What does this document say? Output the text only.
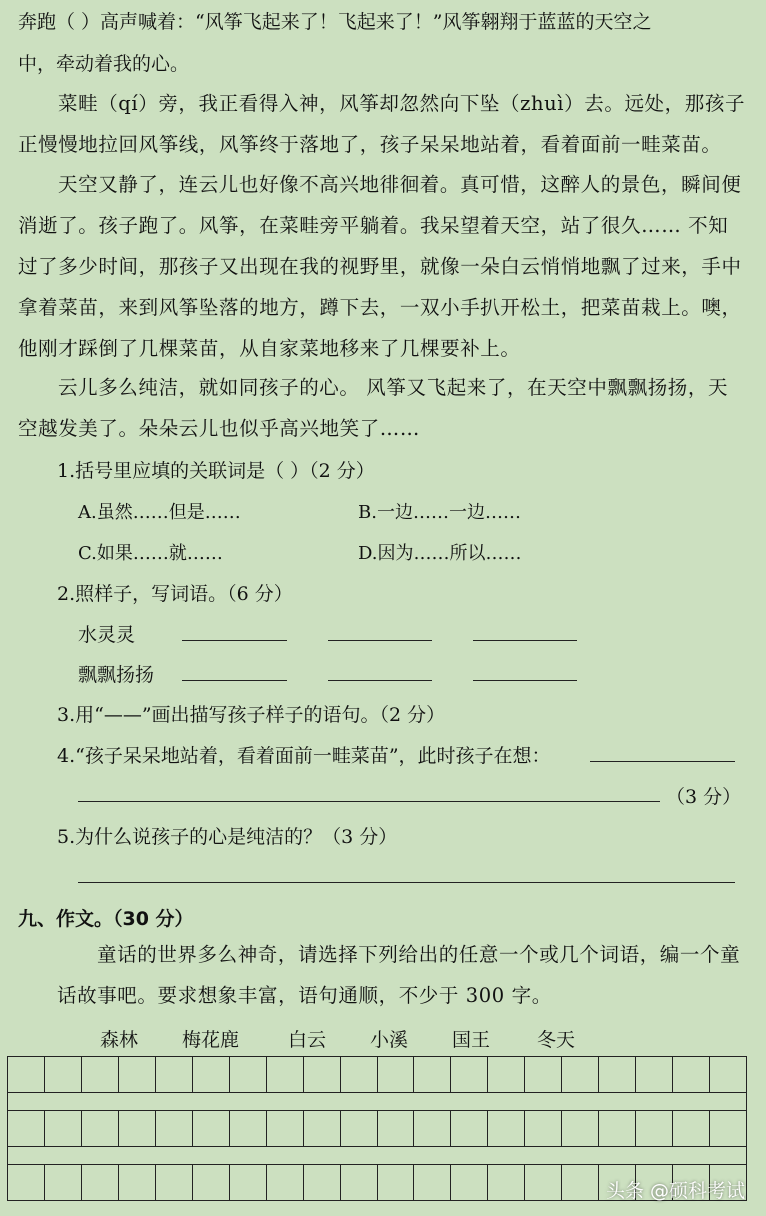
奔跑（ ）高声喊着：“风筝飞起来了！飞起来了！”风筝翱翔于蓝蓝的天空之
中，牵动着我的心。
菜畦（qí）旁，我正看得入神，风筝却忽然向下坠（zhuì）去。远处，那孩子正慢慢地拉回风筝线，风筝终于落地了，孩子呆呆地站着，看着面前一畦菜苗。
天空又静了，连云儿也好像不高兴地徘徊着。真可惜，这醉人的景色，瞬间便消逝了。孩子跑了。风筝，在菜畦旁平躺着。我呆望着天空，站了很久…… 不知过了多少时间，那孩子又出现在我的视野里，就像一朵白云悄悄地飘了过来，手中拿着菜苗，来到风筝坠落的地方，蹲下去，一双小手扒开松土，把菜苗栽上。噢，他刚才踩倒了几棵菜苗，从自家菜地移来了几棵要补上。
云儿多么纯洁，就如同孩子的心。 风筝又飞起来了，在天空中飘飘扬扬，天空越发美了。朵朵云儿也似乎高兴地笑了……
1.括号里应填的关联词是（ ）（2 分）
A.虽然……但是……	B.一边……一边……
C.如果……就……	D.因为……所以……
2.照样子，写词语。（6 分）
水灵灵
飘飘扬扬
3.用“——”画出描写孩子样子的语句。（2 分）
4.“孩子呆呆地站着，看着面前一畦菜苗”，此时孩子在想：
（3 分）
5.为什么说孩子的心是纯洁的？（3 分）
九、作文。（30 分）
童话的世界多么神奇，请选择下列给出的任意一个或几个词语，编一个童话故事吧。要求想象丰富，语句通顺，不少于 300 字。
森林 梅花鹿	白云 小溪 国王 冬天
头条 @硕科考试
